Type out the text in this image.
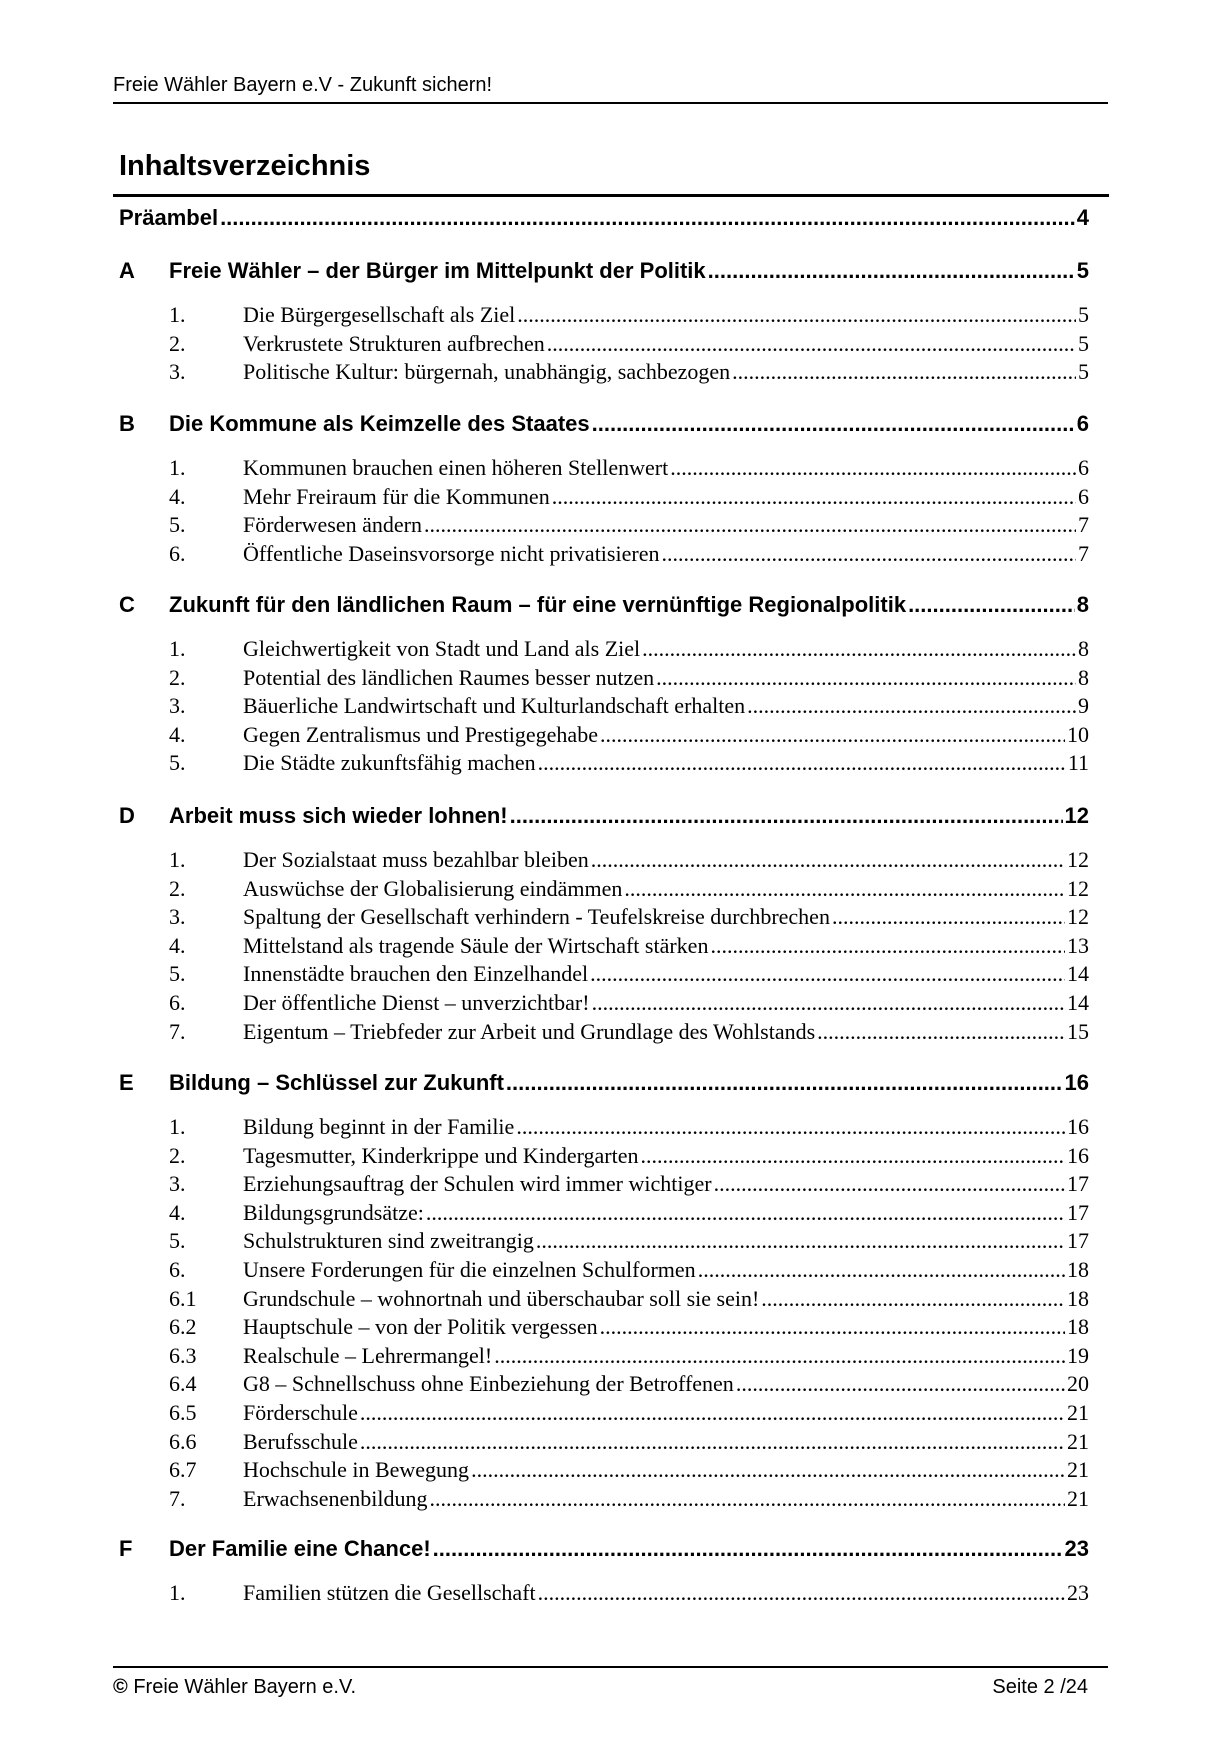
Freie Wähler Bayern e.V - Zukunft sichern!
Inhaltsverzeichnis
Präambel .....	4
A Freie Wähler – der Bürger im Mittelpunkt der Politik .....	5
1.	Die Bürgergesellschaft als Ziel .....	5
2.	Verkrustete Strukturen aufbrechen .....	5
3.	Politische Kultur: bürgernah, unabhängig, sachbezogen .....	5
B Die Kommune als Keimzelle des Staates .....	6
1.	Kommunen brauchen einen höheren Stellenwert .....	6
4.	Mehr Freiraum für die Kommunen .....	6
5.	Förderwesen ändern .....	7
6.	Öffentliche Daseinsvorsorge nicht privatisieren .....	7
C Zukunft für den ländlichen Raum – für eine vernünftige Regionalpolitik .....	8
1.	Gleichwertigkeit von Stadt und Land als Ziel .....	8
2.	Potential des ländlichen Raumes besser nutzen .....	8
3.	Bäuerliche Landwirtschaft und Kulturlandschaft erhalten .....	9
4.	Gegen Zentralismus und Prestigegehabe .....	10
5.	Die Städte zukunftsfähig machen .....	11
D Arbeit muss sich wieder lohnen! .....	12
1.	Der Sozialstaat muss bezahlbar bleiben .....	12
2.	Auswüchse der Globalisierung eindämmen .....	12
3.	Spaltung der Gesellschaft verhindern - Teufelskreise durchbrechen .....	12
4.	Mittelstand als tragende Säule der Wirtschaft stärken .....	13
5.	Innenstädte brauchen den Einzelhandel .....	14
6.	Der öffentliche Dienst – unverzichtbar! .....	14
7.	Eigentum – Triebfeder zur Arbeit und Grundlage des Wohlstands .....	15
E Bildung – Schlüssel zur Zukunft .....	16
1.	Bildung beginnt in der Familie .....	16
2.	Tagesmutter, Kinderkrippe und Kindergarten .....	16
3.	Erziehungsauftrag der Schulen wird immer wichtiger .....	17
4.	Bildungsgrundsätze: .....	17
5.	Schulstrukturen sind zweitrangig .....	17
6.	Unsere Forderungen für die einzelnen Schulformen .....	18
6.1 Grundschule – wohnortnah und überschaubar soll sie sein! .....	18
6.2 Hauptschule – von der Politik vergessen .....	18
6.3 Realschule – Lehrermangel! .....	19
6.4 G8 – Schnellschuss ohne Einbeziehung der Betroffenen .....	20
6.5 Förderschule .....	21
6.6 Berufsschule .....	21
6.7 Hochschule in Bewegung .....	21
7.	Erwachsenenbildung .....	21
F Der Familie eine Chance! .....	23
1.	Familien stützen die Gesellschaft .....	23
© Freie Wähler Bayern e.V.	Seite 2 /24
